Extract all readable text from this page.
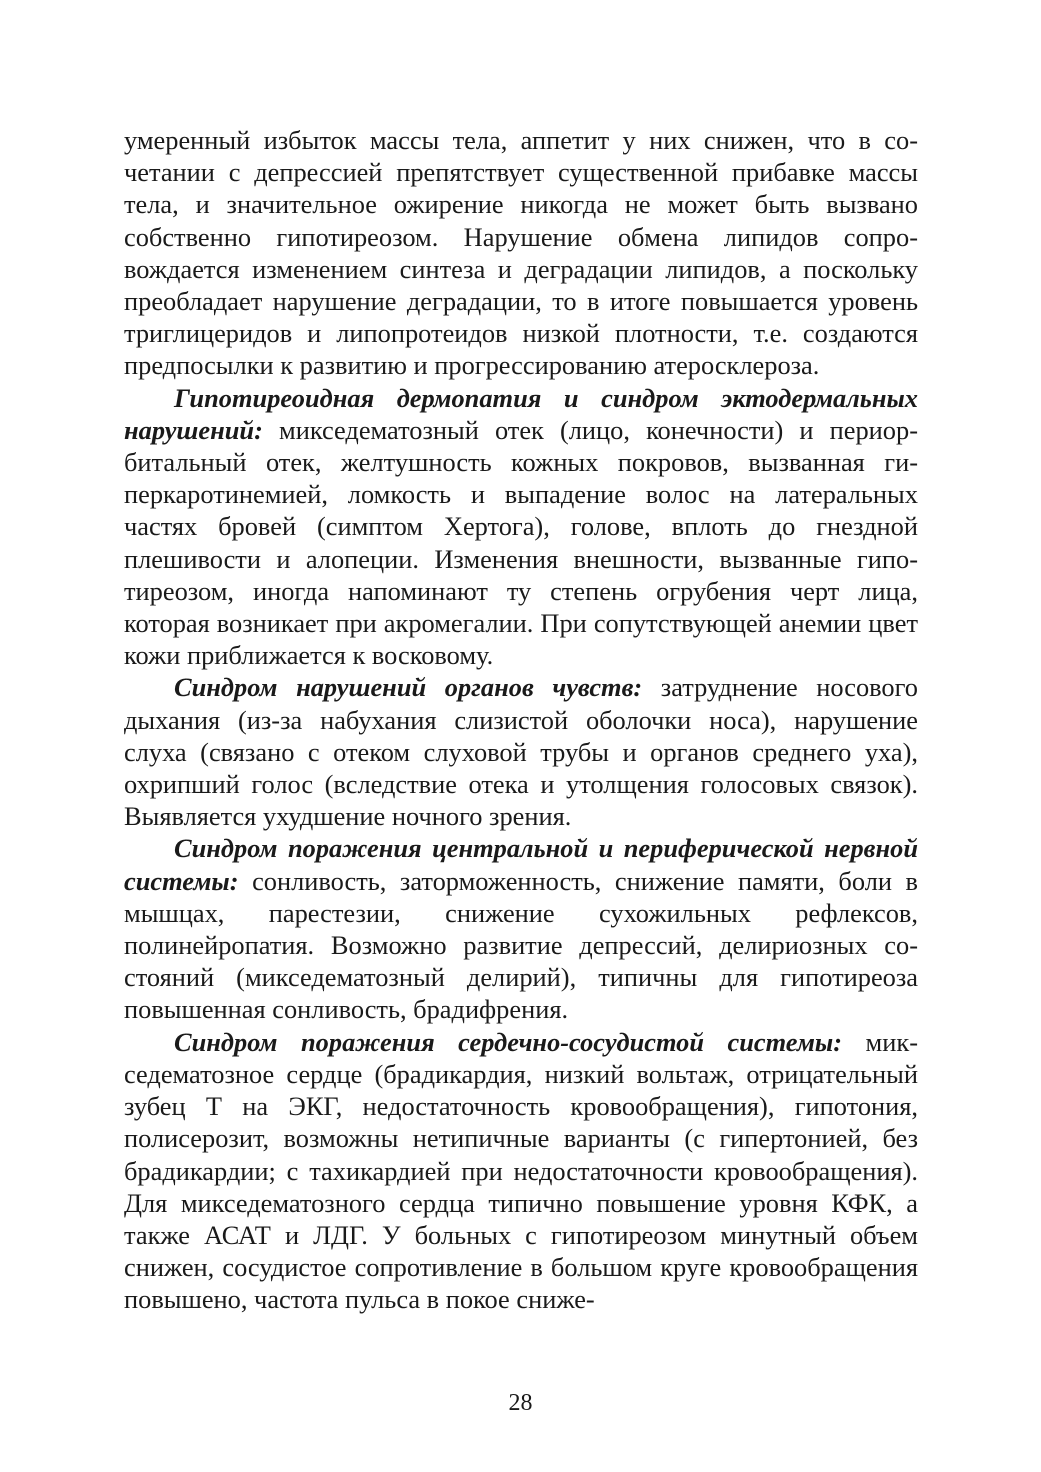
умеренный избыток массы тела, аппетит у них снижен, что в сочетании с депрессией препятствует существенной прибавке массы тела, и значительное ожирение никогда не может быть вызвано собственно гипотиреозом. Нарушение обмена липидов сопровождается изменением синтеза и деградации липидов, а поскольку преобладает нарушение деградации, то в итоге повышается уровень триглицеридов и липопротеидов низкой плотности, т.е. создаются предпосылки к развитию и прогрессированию атеросклероза.

Гипотиреоидная дермопатия и синдром эктодермальных нарушений: микседематозный отек (лицо, конечности) и периорбитальный отек, желтушность кожных покровов, вызванная гиперкаротинемией, ломкость и выпадение волос на латеральных частях бровей (симптом Хертога), голове, вплоть до гнездной плешивости и алопеции. Изменения внешности, вызванные гипотиреозом, иногда напоминают ту степень огрубения черт лица, которая возникает при акромегалии. При сопутствующей анемии цвет кожи приближается к восковому.

Синдром нарушений органов чувств: затруднение носового дыхания (из-за набухания слизистой оболочки носа), нарушение слуха (связано с отеком слуховой трубы и органов среднего уха), охрипший голос (вследствие отека и утолщения голосовых связок). Выявляется ухудшение ночного зрения.

Синдром поражения центральной и периферической нервной системы: сонливость, заторможенность, снижение памяти, боли в мышцах, парестезии, снижение сухожильных рефлексов, полинейропатия. Возможно развитие депрессий, делириозных состояний (микседематозный делирий), типичны для гипотиреоза повышенная сонливость, брадифрения.

Синдром поражения сердечно-сосудистой системы: микседематозное сердце (брадикардия, низкий вольтаж, отрицательный зубец Т на ЭКГ, недостаточность кровообращения), гипотония, полисерозит, возможны нетипичные варианты (с гипертонией, без брадикардии; с тахикардией при недостаточности кровообращения). Для микседематозного сердца типично повышение уровня КФК, а также АСАТ и ЛДГ. У больных с гипотиреозом минутный объем снижен, сосудистое сопротивление в большом круге кровообращения повышено, частота пульса в покое сниже-

28
